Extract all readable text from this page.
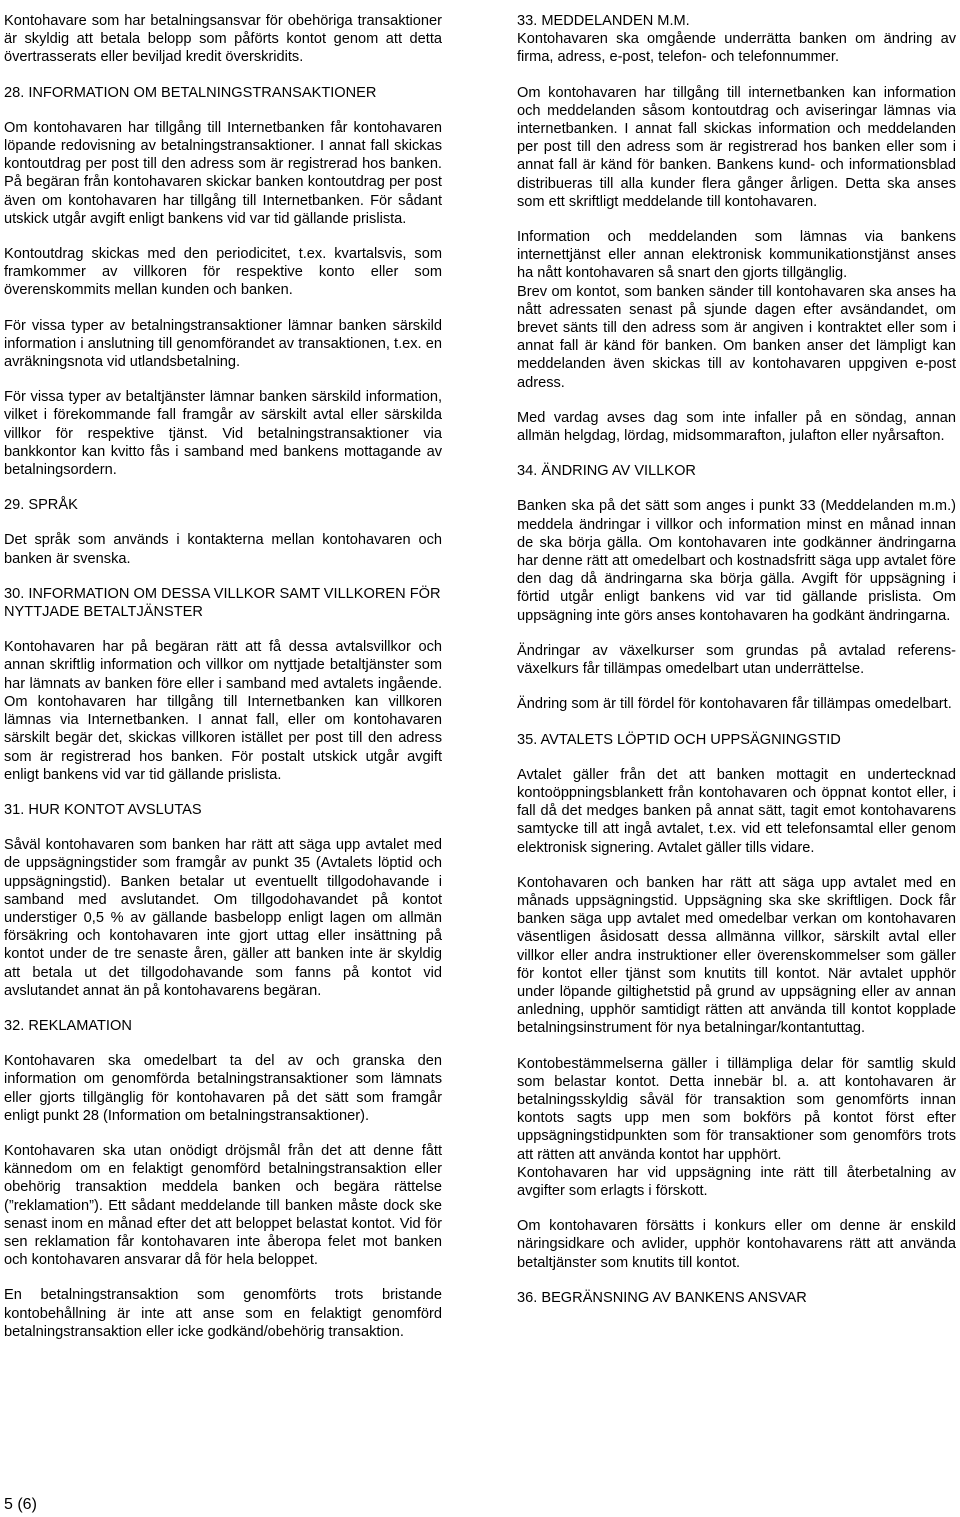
Kontohavare som har betalningsansvar för obehöriga transaktioner är skyldig att betala belopp som påförts kontot genom att detta övertrasserats eller beviljad kredit överskridits.

28. INFORMATION OM BETALNINGSTRANSAKTIONER

Om kontohavaren har tillgång till Internetbanken får kontohavaren löpande redovisning av betalningstransaktioner. I annat fall skickas kontoutdrag per post till den adress som är registrerad hos banken. På begäran från kontohavaren skickar banken kontoutdrag per post även om kontohavaren har tillgång till Internetbanken. För sådant utskick utgår avgift enligt bankens vid var tid gällande prislista.

Kontoutdrag skickas med den periodicitet, t.ex. kvartalsvis, som framkommer av villkoren för respektive konto eller som överenskommits mellan kunden och banken.

För vissa typer av betalningstransaktioner lämnar banken särskild information i anslutning till genomförandet av transaktionen, t.ex. en avräkningsnota vid utlandsbetalning.

För vissa typer av betaltjänster lämnar banken särskild information, vilket i förekommande fall framgår av särskilt avtal eller särskilda villkor för respektive tjänst. Vid betalningstransaktioner via bankkontor kan kvitto fås i samband med bankens mottagande av betalningsordern.

29. SPRÅK

Det språk som används i kontakterna mellan kontohavaren och banken är svenska.

30. INFORMATION OM DESSA VILLKOR SAMT VILLKOREN FÖR NYTTJADE BETALTJÄNSTER

Kontohavaren har på begäran rätt att få dessa avtalsvillkor och annan skriftlig information och villkor om nyttjade betaltjänster som har lämnats av banken före eller i samband med avtalets ingående. Om kontohavaren har tillgång till Internetbanken kan villkoren lämnas via Internetbanken. I annat fall, eller om kontohavaren särskilt begär det, skickas villkoren istället per post till den adress som är registrerad hos banken. För postalt utskick utgår avgift enligt bankens vid var tid gällande prislista.

31. HUR KONTOT AVSLUTAS

Såväl kontohavaren som banken har rätt att säga upp avtalet med de uppsägningstider som framgår av punkt 35 (Avtalets löptid och uppsägningstid). Banken betalar ut eventuellt tillgodohavande i samband med avslutandet. Om tillgodohavandet på kontot understiger 0,5 % av gällande basbelopp enligt lagen om allmän försäkring och kontohavaren inte gjort uttag eller insättning på kontot under de tre senaste åren, gäller att banken inte är skyldig att betala ut det tillgodohavande som fanns på kontot vid avslutandet annat än på kontohavarens begäran.

32. REKLAMATION

Kontohavaren ska omedelbart ta del av och granska den information om genomförda betalningstransaktioner som lämnats eller gjorts tillgänglig för kontohavaren på det sätt som framgår enligt punkt 28 (Information om betalningstransaktioner).

Kontohavaren ska utan onödigt dröjsmål från det att denne fått kännedom om en felaktigt genomförd betalningstransaktion eller obehörig transaktion meddela banken och begära rättelse (”reklamation”). Ett sådant meddelande till banken måste dock ske senast inom en månad efter det att beloppet belastat kontot. Vid för sen reklamation får kontohavaren inte åberopa felet mot banken och kontohavaren ansvarar då för hela beloppet.

En betalningstransaktion som genomförts trots bristande kontobehållning är inte att anse som en felaktigt genomförd betalningstransaktion eller icke godkänd/obehörig transaktion.

33. MEDDELANDEN M.M.

Kontohavaren ska omgående underrätta banken om ändring av firma, adress, e-post, telefon- och telefonnummer.

Om kontohavaren har tillgång till internetbanken kan information och meddelanden såsom kontoutdrag och aviseringar lämnas via internetbanken. I annat fall skickas information och meddelanden per post till den adress som är registrerad hos banken eller som i annat fall är känd för banken. Bankens kund- och informationsblad distribueras till alla kunder flera gånger årligen. Detta ska anses som ett skriftligt meddelande till kontohavaren.

Information och meddelanden som lämnas via bankens internettjänst eller annan elektronisk kommunikationstjänst anses ha nått kontohavaren så snart den gjorts tillgänglig.

Brev om kontot, som banken sänder till kontohavaren ska anses ha nått adressaten senast på sjunde dagen efter avsändandet, om brevet sänts till den adress som är angiven i kontraktet eller som i annat fall är känd för banken. Om banken anser det lämpligt kan meddelanden även skickas till av kontohavaren uppgiven e-post adress.

Med vardag avses dag som inte infaller på en söndag, annan allmän helgdag, lördag, midsommarafton, julafton eller nyårsafton.

34. ÄNDRING AV VILLKOR

Banken ska på det sätt som anges i punkt 33 (Meddelanden m.m.) meddela ändringar i villkor och information minst en månad innan de ska börja gälla. Om kontohavaren inte godkänner ändringarna har denne rätt att omedelbart och kostnadsfritt säga upp avtalet före den dag då ändringarna ska börja gälla. Avgift för uppsägning i förtid utgår enligt bankens vid var tid gällande prislista. Om uppsägning inte görs anses kontohavaren ha godkänt ändringarna.

Ändringar av växelkurser som grundas på avtalad referensväxelkurs får tillämpas omedelbart utan underrättelse.

Ändring som är till fördel för kontohavaren får tillämpas omedelbart.

35. AVTALETS LÖPTID OCH UPPSÄGNINGSTID

Avtalet gäller från det att banken mottagit en undertecknad kontoöppningsblankett från kontohavaren och öppnat kontot eller, i fall då det medges banken på annat sätt, tagit emot kontohavarens samtycke till att ingå avtalet, t.ex. vid ett telefonsamtal eller genom elektronisk signering. Avtalet gäller tills vidare.

Kontohavaren och banken har rätt att säga upp avtalet med en månads uppsägningstid. Uppsägning ska ske skriftligen. Dock får banken säga upp avtalet med omedelbar verkan om kontohavaren väsentligen åsidosatt dessa allmänna villkor, särskilt avtal eller villkor eller andra instruktioner eller överenskommelser som gäller för kontot eller tjänst som knutits till kontot. När avtalet upphör under löpande giltighetstid på grund av uppsägning eller av annan anledning, upphör samtidigt rätten att använda till kontot kopplade betalningsinstrument för nya betalningar/kontantuttag.

Kontobestämmelserna gäller i tillämpliga delar för samtlig skuld som belastar kontot. Detta innebär bl. a. att kontohavaren är betalningsskyldig såväl för transaktion som genomförts innan kontots sagts upp men som bokförs på kontot först efter uppsägningstidpunkten som för transaktioner som genomförs trots att rätten att använda kontot har upphört.

Kontohavaren har vid uppsägning inte rätt till återbetalning av avgifter som erlagts i förskott.

Om kontohavaren försätts i konkurs eller om denne är enskild näringsidkare och avlider, upphör kontohavarens rätt att använda betaltjänster som knutits till kontot.

36. BEGRÄNSNING AV BANKENS ANSVAR
5 (6)
